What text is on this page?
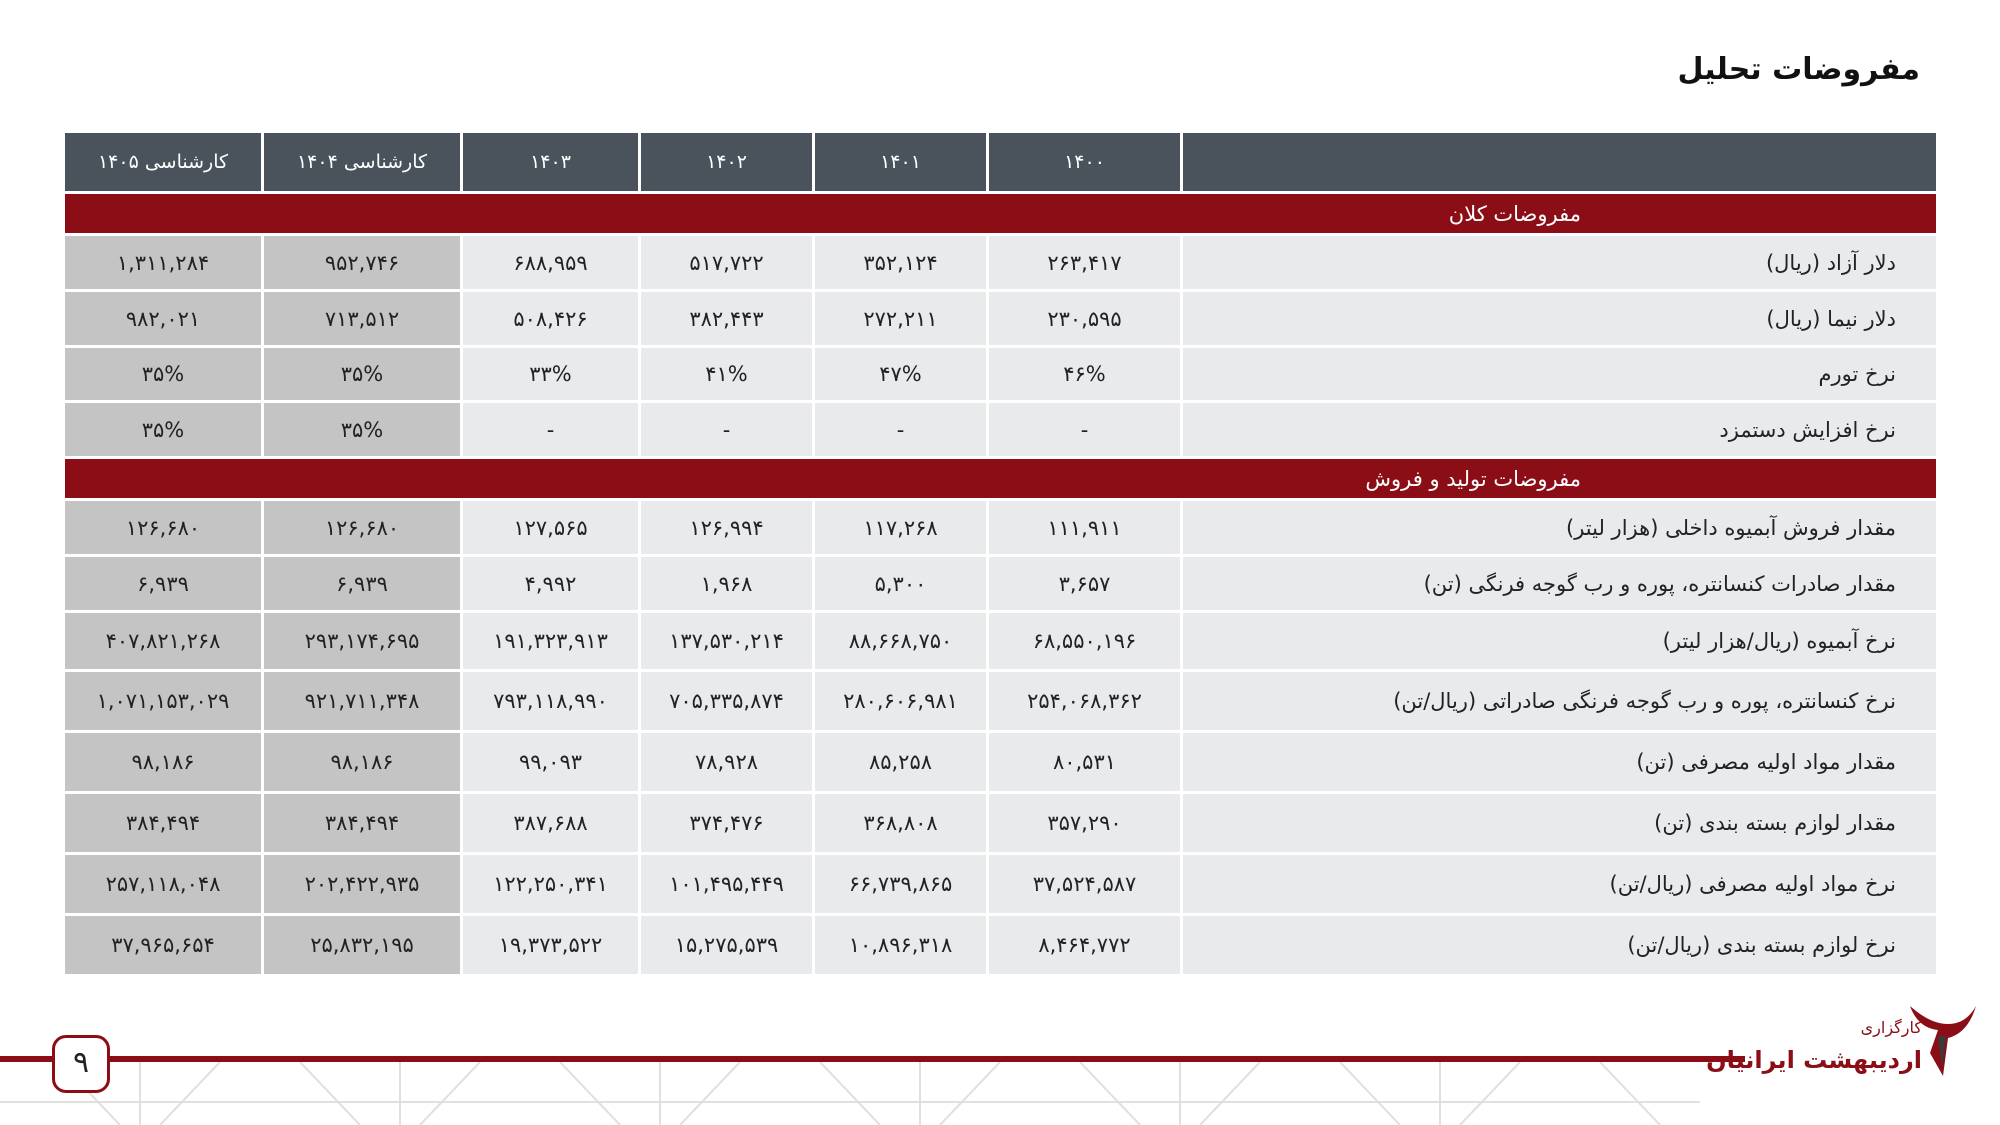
مفروضات تحلیل
	۱۴۰۰	۱۴۰۱	۱۴۰۲	۱۴۰۳	کارشناسی ۱۴۰۴	کارشناسی ۱۴۰۵
مفروضات کلان						
دلار آزاد (ریال)	۲۶۳,۴۱۷	۳۵۲,۱۲۴	۵۱۷,۷۲۲	۶۸۸,۹۵۹	۹۵۲,۷۴۶	۱,۳۱۱,۲۸۴
دلار نیما (ریال)	۲۳۰,۵۹۵	۲۷۲,۲۱۱	۳۸۲,۴۴۳	۵۰۸,۴۲۶	۷۱۳,۵۱۲	۹۸۲,۰۲۱
نرخ تورم	۴۶%	۴۷%	۴۱%	۳۳%	۳۵%	۳۵%
نرخ افزایش دستمزد	-	-	-	-	۳۵%	۳۵%
مفروضات تولید و فروش						
مقدار فروش آبمیوه داخلی (هزار لیتر)	۱۱۱,۹۱۱	۱۱۷,۲۶۸	۱۲۶,۹۹۴	۱۲۷,۵۶۵	۱۲۶,۶۸۰	۱۲۶,۶۸۰
مقدار صادرات کنسانتره، پوره و رب گوجه فرنگی (تن)	۳,۶۵۷	۵,۳۰۰	۱,۹۶۸	۴,۹۹۲	۶,۹۳۹	۶,۹۳۹
نرخ آبمیوه (ریال/هزار لیتر)	۶۸,۵۵۰,۱۹۶	۸۸,۶۶۸,۷۵۰	۱۳۷,۵۳۰,۲۱۴	۱۹۱,۳۲۳,۹۱۳	۲۹۳,۱۷۴,۶۹۵	۴۰۷,۸۲۱,۲۶۸
نرخ کنسانتره، پوره و رب گوجه فرنگی صادراتی (ریال/تن)	۲۵۴,۰۶۸,۳۶۲	۲۸۰,۶۰۶,۹۸۱	۷۰۵,۳۳۵,۸۷۴	۷۹۳,۱۱۸,۹۹۰	۹۲۱,۷۱۱,۳۴۸	۱,۰۷۱,۱۵۳,۰۲۹
مقدار مواد اولیه مصرفی (تن)	۸۰,۵۳۱	۸۵,۲۵۸	۷۸,۹۲۸	۹۹,۰۹۳	۹۸,۱۸۶	۹۸,۱۸۶
مقدار لوازم بسته بندی (تن)	۳۵۷,۲۹۰	۳۶۸,۸۰۸	۳۷۴,۴۷۶	۳۸۷,۶۸۸	۳۸۴,۴۹۴	۳۸۴,۴۹۴
نرخ مواد اولیه مصرفی (ریال/تن)	۳۷,۵۲۴,۵۸۷	۶۶,۷۳۹,۸۶۵	۱۰۱,۴۹۵,۴۴۹	۱۲۲,۲۵۰,۳۴۱	۲۰۲,۴۲۲,۹۳۵	۲۵۷,۱۱۸,۰۴۸
نرخ لوازم بسته بندی (ریال/تن)	۸,۴۶۴,۷۷۲	۱۰,۸۹۶,۳۱۸	۱۵,۲۷۵,۵۳۹	۱۹,۳۷۳,۵۲۲	۲۵,۸۳۲,۱۹۵	۳۷,۹۶۵,۶۵۴
۹
کارگزاری
اردیبهشت ایرانیان
